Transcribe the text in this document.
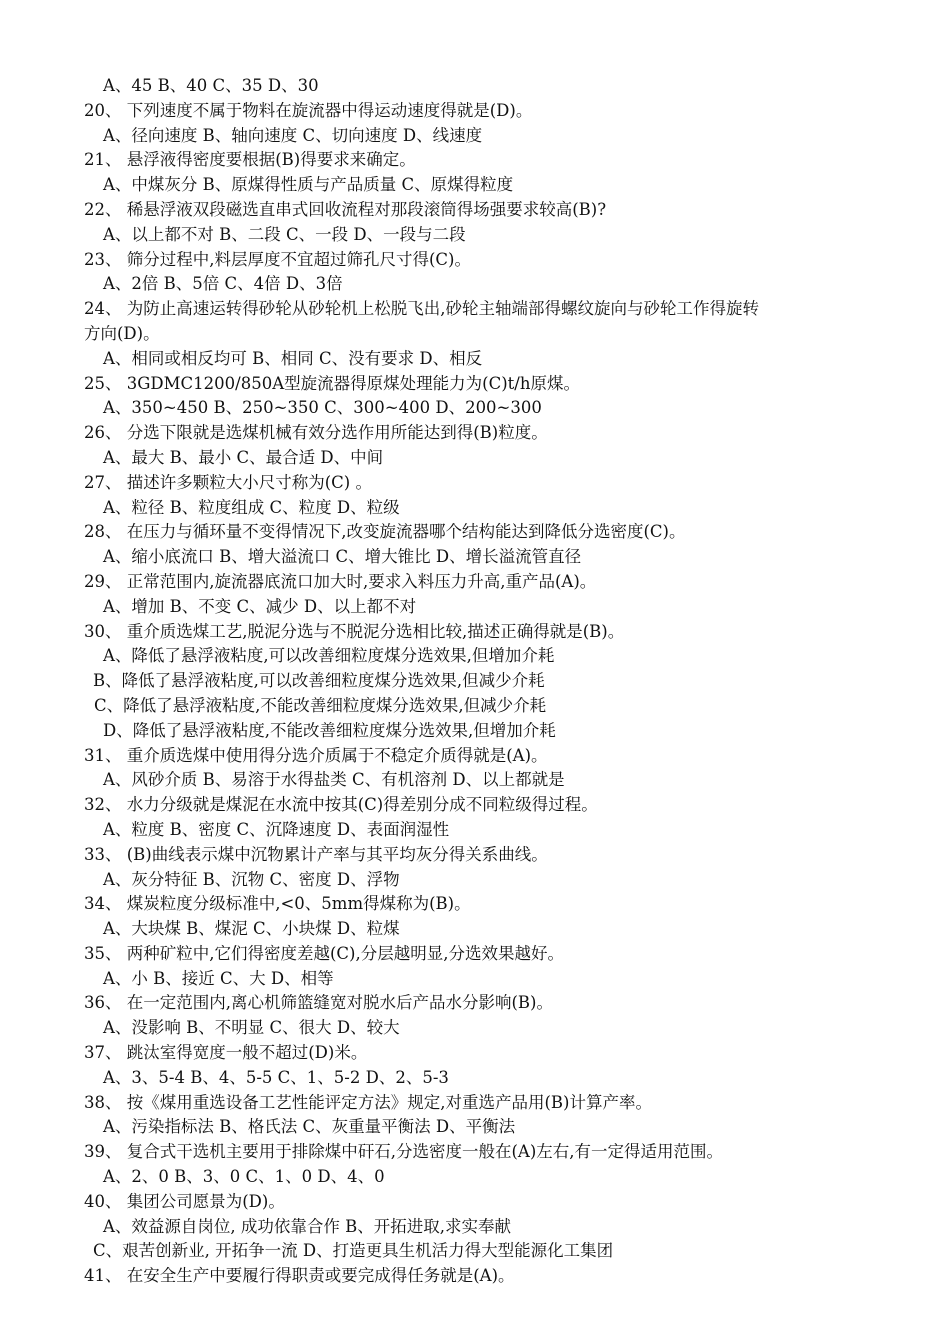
A、45 B、40 C、35 D、30
20、 下列速度不属于物料在旋流器中得运动速度得就是(D)。
A、径向速度 B、轴向速度 C、切向速度 D、线速度
21、 悬浮液得密度要根据(B)得要求来确定。
A、中煤灰分 B、原煤得性质与产品质量 C、原煤得粒度
22、 稀悬浮液双段磁选直串式回收流程对那段滚筒得场强要求较高(B)?
A、以上都不对 B、二段 C、一段 D、一段与二段
23、 筛分过程中,料层厚度不宜超过筛孔尺寸得(C)。
A、2倍 B、5倍 C、4倍 D、3倍
24、 为防止高速运转得砂轮从砂轮机上松脱飞出,砂轮主轴端部得螺纹旋向与砂轮工作得旋转
方向(D)。
A、相同或相反均可 B、相同 C、没有要求 D、相反
25、 3GDMC1200/850A型旋流器得原煤处理能力为(C)t/h原煤。
A、350~450 B、250~350 C、300~400 D、200~300
26、 分选下限就是选煤机械有效分选作用所能达到得(B)粒度。
A、最大 B、最小 C、最合适 D、中间
27、 描述许多颗粒大小尺寸称为(C) 。
A、粒径 B、粒度组成 C、粒度 D、粒级
28、 在压力与循环量不变得情况下,改变旋流器哪个结构能达到降低分选密度(C)。
A、缩小底流口 B、增大溢流口 C、增大锥比 D、增长溢流管直径
29、 正常范围内,旋流器底流口加大时,要求入料压力升高,重产品(A)。
A、增加 B、不变 C、减少 D、以上都不对
30、 重介质选煤工艺,脱泥分选与不脱泥分选相比较,描述正确得就是(B)。
A、降低了悬浮液粘度,可以改善细粒度煤分选效果,但增加介耗
B、降低了悬浮液粘度,可以改善细粒度煤分选效果,但减少介耗
C、降低了悬浮液粘度,不能改善细粒度煤分选效果,但减少介耗
D、降低了悬浮液粘度,不能改善细粒度煤分选效果,但增加介耗
31、 重介质选煤中使用得分选介质属于不稳定介质得就是(A)。
A、风砂介质 B、易溶于水得盐类 C、有机溶剂 D、以上都就是
32、 水力分级就是煤泥在水流中按其(C)得差别分成不同粒级得过程。
A、粒度 B、密度 C、沉降速度 D、表面润湿性
33、 (B)曲线表示煤中沉物累计产率与其平均灰分得关系曲线。
A、灰分特征 B、沉物 C、密度 D、浮物
34、 煤炭粒度分级标准中,<0、5mm得煤称为(B)。
A、大块煤 B、煤泥 C、小块煤 D、粒煤
35、 两种矿粒中,它们得密度差越(C),分层越明显,分选效果越好。
A、小 B、接近 C、大 D、相等
36、 在一定范围内,离心机筛篮缝宽对脱水后产品水分影响(B)。
A、没影响 B、不明显 C、很大 D、较大
37、 跳汰室得宽度一般不超过(D)米。
A、3、5-4 B、4、5-5 C、1、5-2 D、2、5-3
38、 按《煤用重选设备工艺性能评定方法》规定,对重选产品用(B)计算产率。
A、污染指标法 B、格氏法 C、灰重量平衡法 D、平衡法
39、 复合式干选机主要用于排除煤中矸石,分选密度一般在(A)左右,有一定得适用范围。
A、2、0 B、3、0 C、1、0 D、4、0
40、 集团公司愿景为(D)。
A、效益源自岗位, 成功依靠合作 B、开拓进取,求实奉献
C、艰苦创新业, 开拓争一流 D、打造更具生机活力得大型能源化工集团
41、 在安全生产中要履行得职责或要完成得任务就是(A)。
